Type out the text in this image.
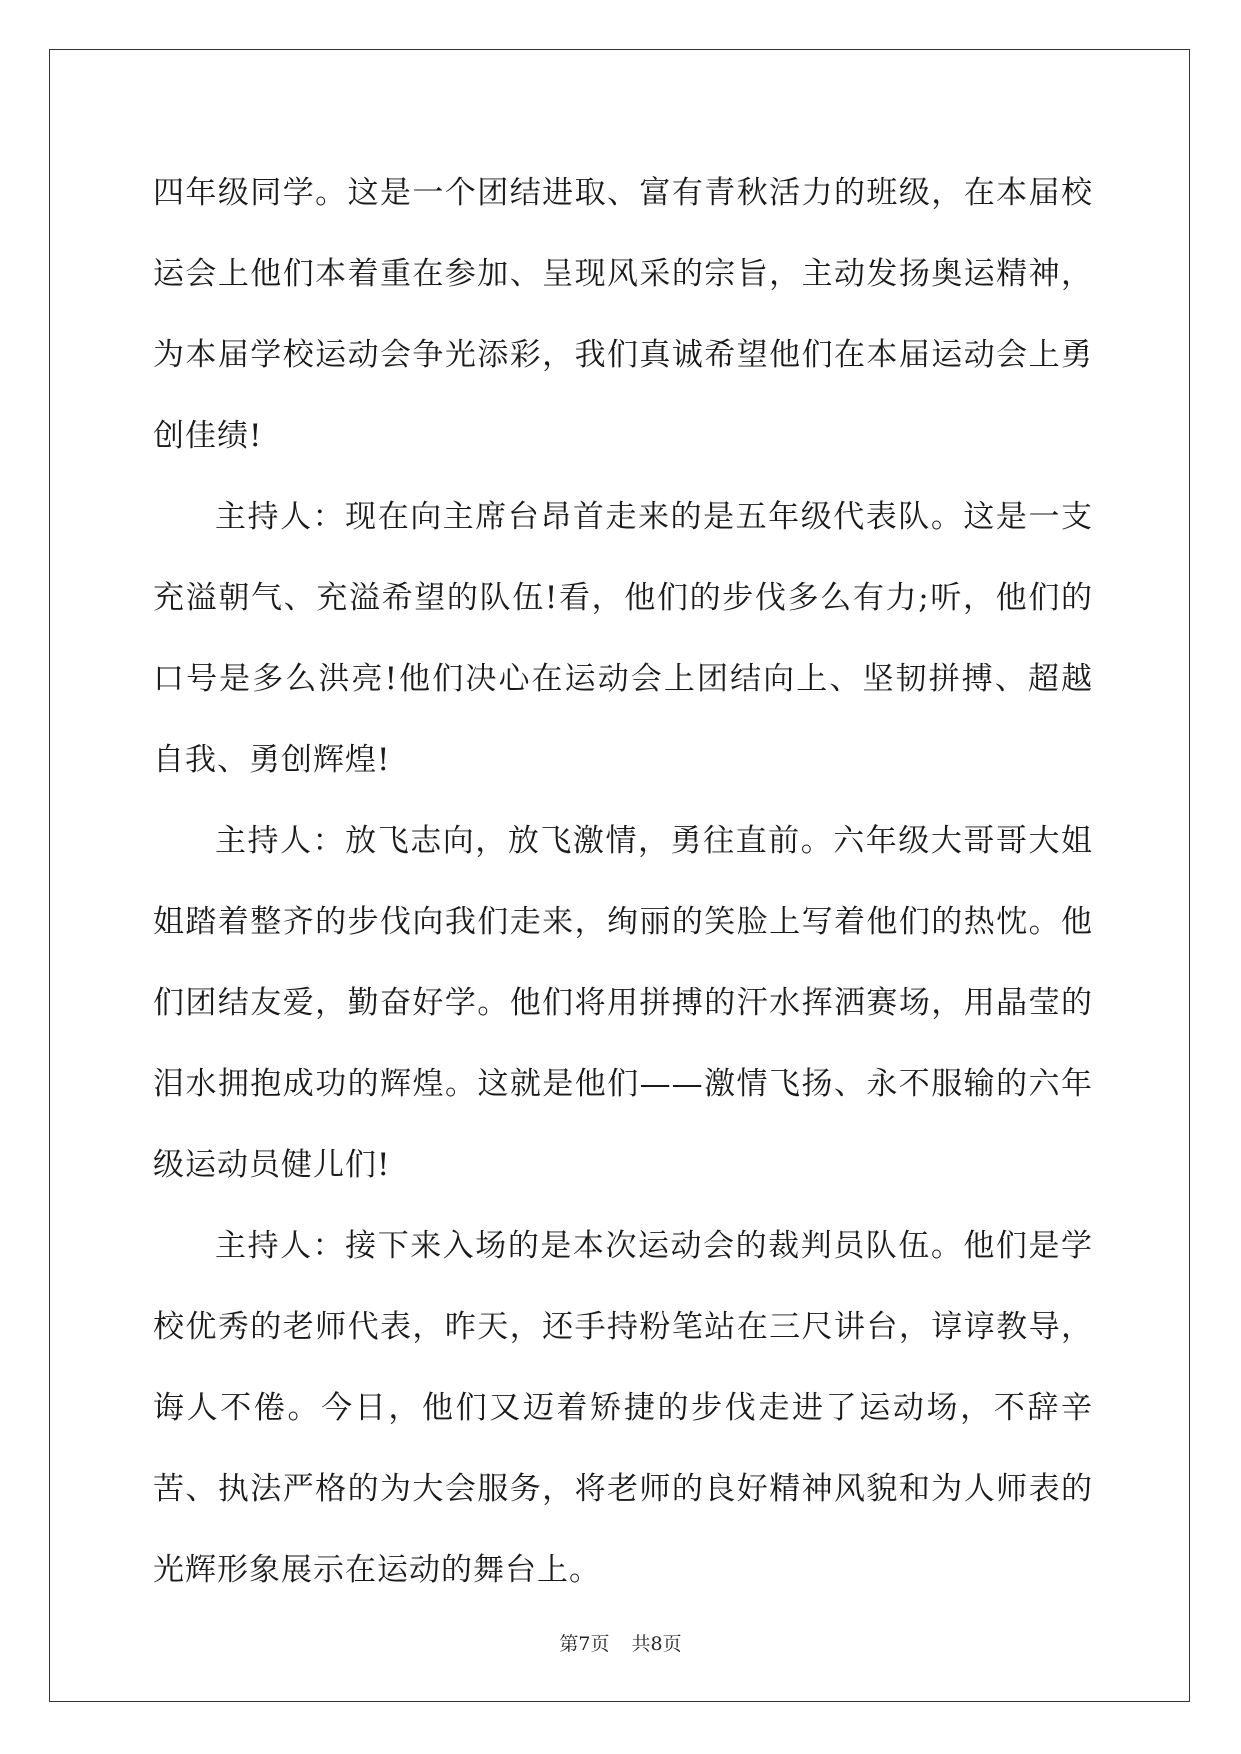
四年级同学。这是一个团结进取、富有青秋活力的班级，在本届校运会上他们本着重在参加、呈现风采的宗旨，主动发扬奥运精神，为本届学校运动会争光添彩，我们真诚希望他们在本届运动会上勇创佳绩!

主持人：现在向主席台昂首走来的是五年级代表队。这是一支充溢朝气、充溢希望的队伍!看，他们的步伐多么有力;听，他们的口号是多么洪亮!他们决心在运动会上团结向上、坚韧拼搏、超越自我、勇创辉煌!

主持人：放飞志向，放飞激情，勇往直前。六年级大哥哥大姐姐踏着整齐的步伐向我们走来，绚丽的笑脸上写着他们的热忱。他们团结友爱，勤奋好学。他们将用拼搏的汗水挥洒赛场，用晶莹的泪水拥抱成功的辉煌。这就是他们——激情飞扬、永不服输的六年级运动员健儿们!

主持人：接下来入场的是本次运动会的裁判员队伍。他们是学校优秀的老师代表，昨天，还手持粉笔站在三尺讲台，谆谆教导，诲人不倦。今日，他们又迈着矫捷的步伐走进了运动场，不辞辛苦、执法严格的为大会服务，将老师的良好精神风貌和为人师表的光辉形象展示在运动的舞台上。

第7页 共8页
